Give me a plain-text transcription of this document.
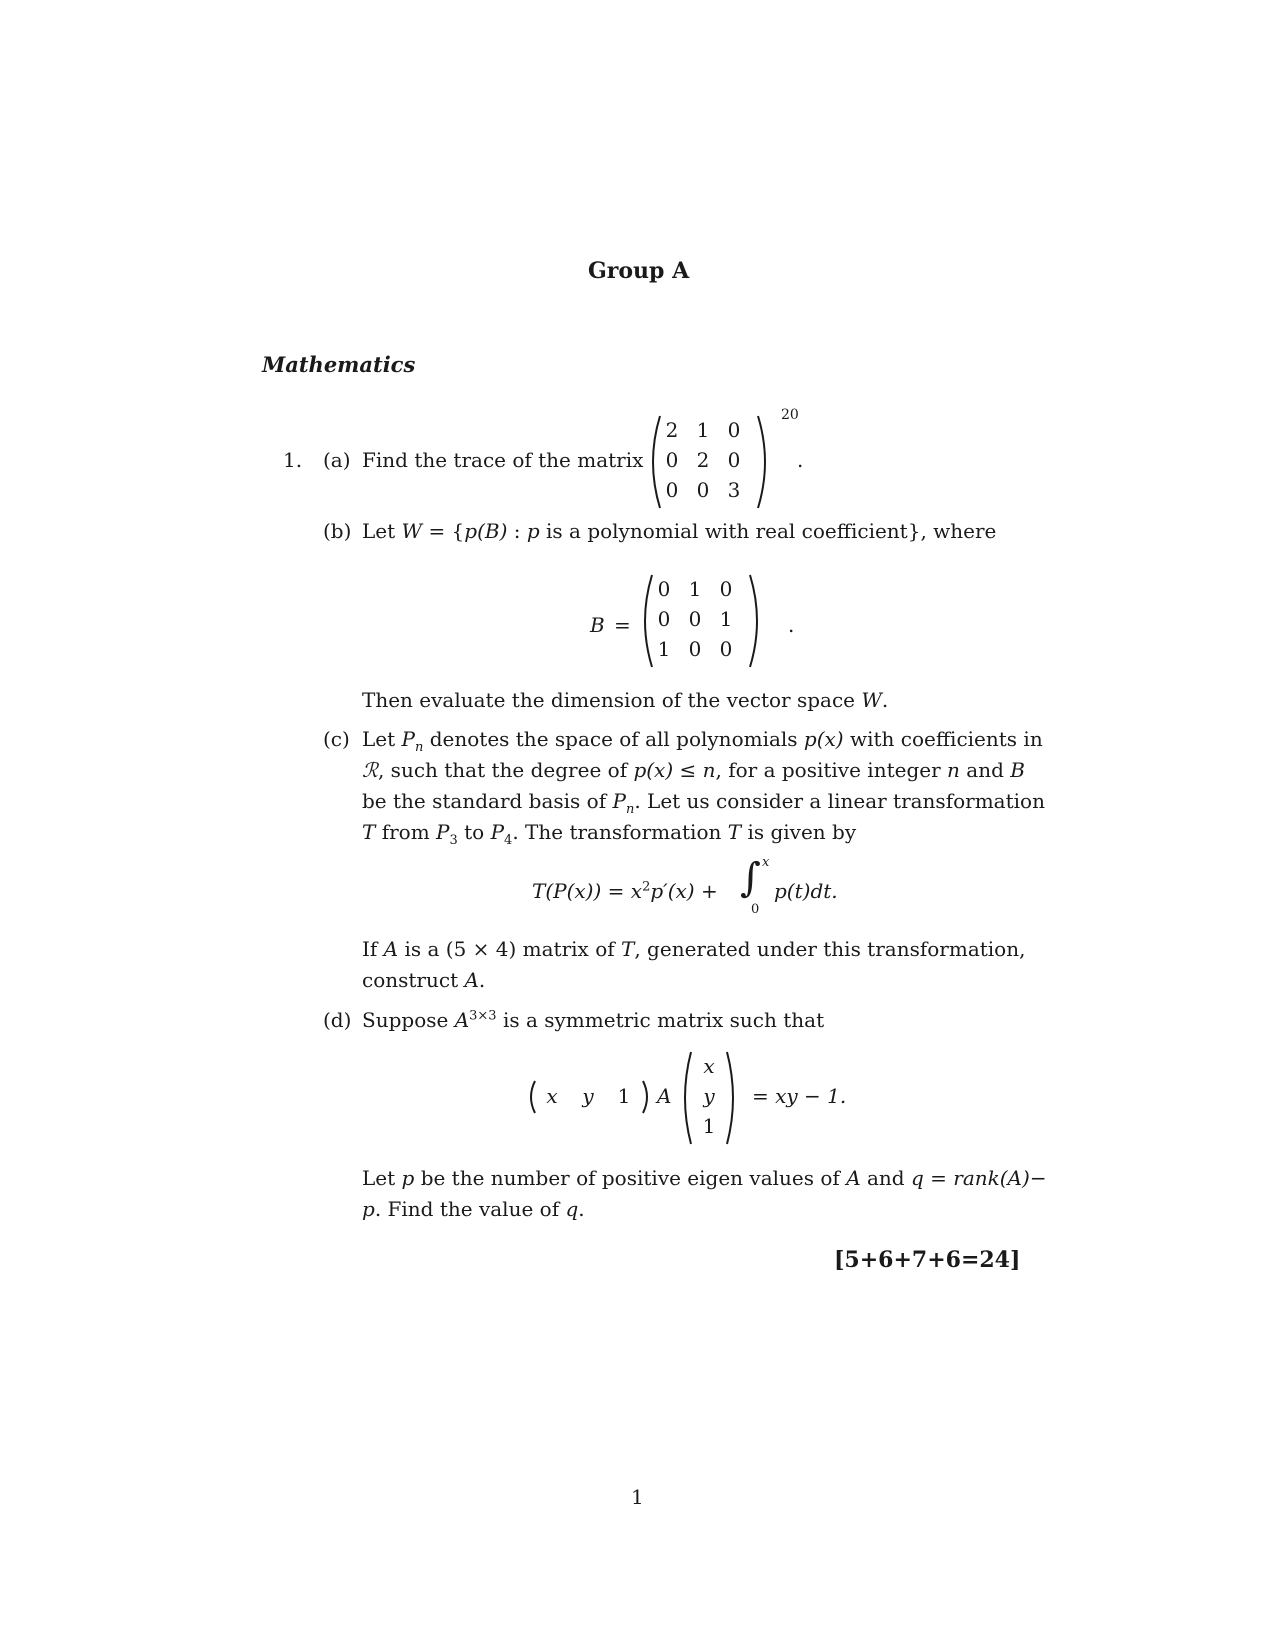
Group A
Mathematics
1. (a) Find the trace of the matrix
2 1 0
0 2 0
0 0 3
20
.
(b) Let W = {p(B) : p is a polynomial with real coefficient}, where
B =
0 1 0
0 0 1
1 0 0
.
Then evaluate the dimension of the vector space W.
(c) Let $P_n$ denotes the space of all polynomials p(x) with coefficients in
ℛ, such that the degree of p(x) ≤ n, for a positive integer n and B
be the standard basis of $P_n$. Let us consider a linear transformation
T from $P_3$ to $P_4$. The transformation T is given by
$T(P(x)) = x^2p'(x)$ + ∫ x
0
p(t)dt.
If A is a (5 × 4) matrix of T, generated under this transformation,
construct A.
(d) Suppose $A^{3\times 3}$ is a symmetric matrix such that
x	y	1	A
x
y
1
= xy − 1.
Let p be the number of positive eigen values of A and q = rank(A)−
p. Find the value of q.
[5+6+7+6=24]
1
